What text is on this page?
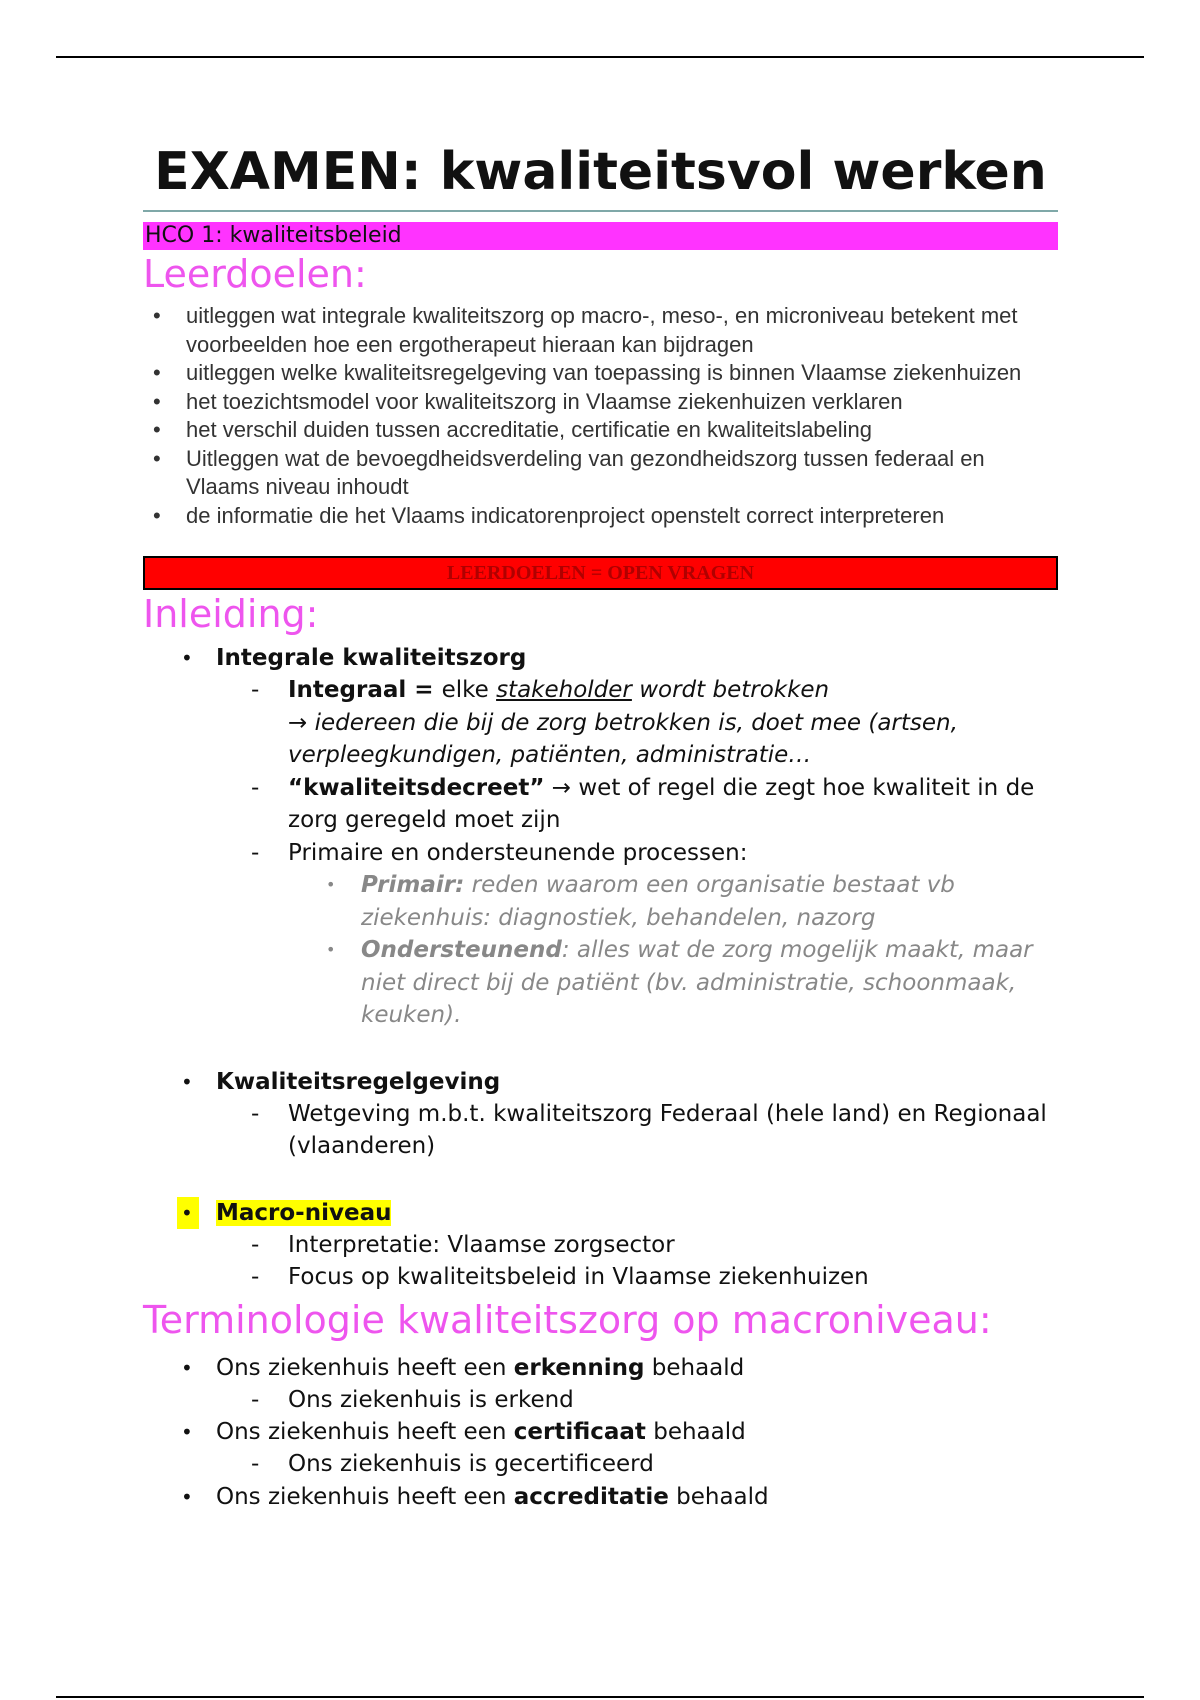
EXAMEN: kwaliteitsvol werken
HCO 1: kwaliteitsbeleid
Leerdoelen:
• uitleggen wat integrale kwaliteitszorg op macro-, meso-, en microniveau betekent met voorbeelden hoe een ergotherapeut hieraan kan bijdragen
• uitleggen welke kwaliteitsregelgeving van toepassing is binnen Vlaamse ziekenhuizen
• het toezichtsmodel voor kwaliteitszorg in Vlaamse ziekenhuizen verklaren
• het verschil duiden tussen accreditatie, certificatie en kwaliteitslabeling
• Uitleggen wat de bevoegdheidsverdeling van gezondheidszorg tussen federaal en Vlaams niveau inhoudt
• de informatie die het Vlaams indicatorenproject openstelt correct interpreteren
LEERDOELEN = OPEN VRAGEN
Inleiding:
• Integrale kwaliteitszorg
- Integraal = elke stakeholder wordt betrokken
→ iedereen die bij de zorg betrokken is, doet mee (artsen, verpleegkundigen, patiënten, administratie…
- “kwaliteitsdecreet” → wet of regel die zegt hoe kwaliteit in de zorg geregeld moet zijn
- Primaire en ondersteunende processen:
• Primair: reden waarom een organisatie bestaat vb ziekenhuis: diagnostiek, behandelen, nazorg
• Ondersteunend: alles wat de zorg mogelijk maakt, maar niet direct bij de patiënt (bv. administratie, schoonmaak, keuken).
• Kwaliteitsregelgeving
- Wetgeving m.b.t. kwaliteitszorg Federaal (hele land) en Regionaal (vlaanderen)
• Macro-niveau
- Interpretatie: Vlaamse zorgsector
- Focus op kwaliteitsbeleid in Vlaamse ziekenhuizen
Terminologie kwaliteitszorg op macroniveau:
• Ons ziekenhuis heeft een erkenning behaald
- Ons ziekenhuis is erkend
• Ons ziekenhuis heeft een certificaat behaald
- Ons ziekenhuis is gecertificeerd
• Ons ziekenhuis heeft een accreditatie behaald
